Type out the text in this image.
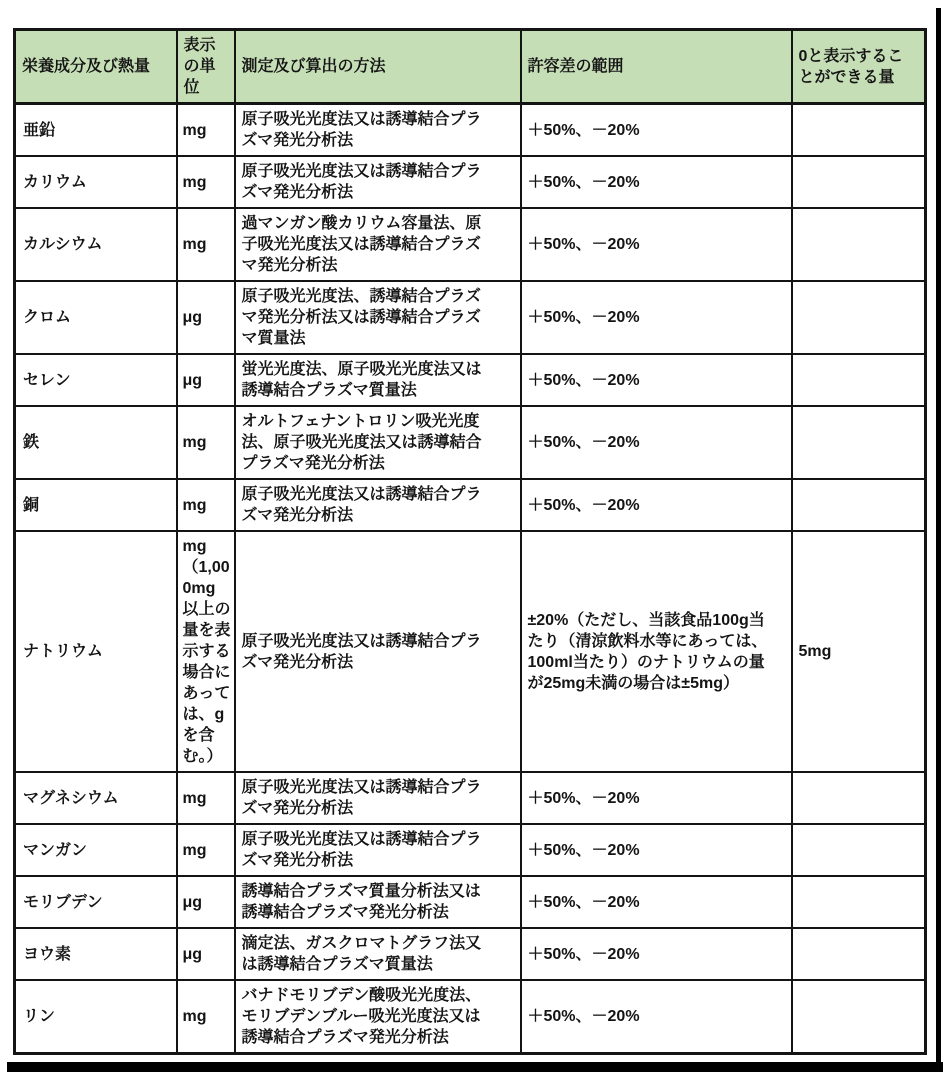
栄養成分及び熱量	表示の単位	測定及び算出の方法	許容差の範囲	0と表示することができる量
亜鉛	mg	原子吸光光度法又は誘導結合プラズマ発光分析法	＋50%、－20%	
カリウム	mg	原子吸光光度法又は誘導結合プラズマ発光分析法	＋50%、－20%	
カルシウム	mg	過マンガン酸カリウム容量法、原子吸光光度法又は誘導結合プラズマ発光分析法	＋50%、－20%	
クロム	μg	原子吸光光度法、誘導結合プラズマ発光分析法又は誘導結合プラズマ質量法	＋50%、－20%	
セレン	μg	蛍光光度法、原子吸光光度法又は誘導結合プラズマ質量法	＋50%、－20%	
鉄	mg	オルトフェナントロリン吸光光度法、原子吸光光度法又は誘導結合プラズマ発光分析法	＋50%、－20%	
銅	mg	原子吸光光度法又は誘導結合プラズマ発光分析法	＋50%、－20%	
ナトリウム	mg（1,000mg以上の量を表示する場合にあっては、gを含む。）	原子吸光光度法又は誘導結合プラズマ発光分析法	±20%（ただし、当該食品100g当たり（清涼飲料水等にあっては、100ml当たり）のナトリウムの量が25mg未満の場合は±5mg）	5mg
マグネシウム	mg	原子吸光光度法又は誘導結合プラズマ発光分析法	＋50%、－20%	
マンガン	mg	原子吸光光度法又は誘導結合プラズマ発光分析法	＋50%、－20%	
モリブデン	μg	誘導結合プラズマ質量分析法又は誘導結合プラズマ発光分析法	＋50%、－20%	
ヨウ素	μg	滴定法、ガスクロマトグラフ法又は誘導結合プラズマ質量法	＋50%、－20%	
リン	mg	バナドモリブデン酸吸光光度法、モリブデンブルー吸光光度法又は誘導結合プラズマ発光分析法	＋50%、－20%	
